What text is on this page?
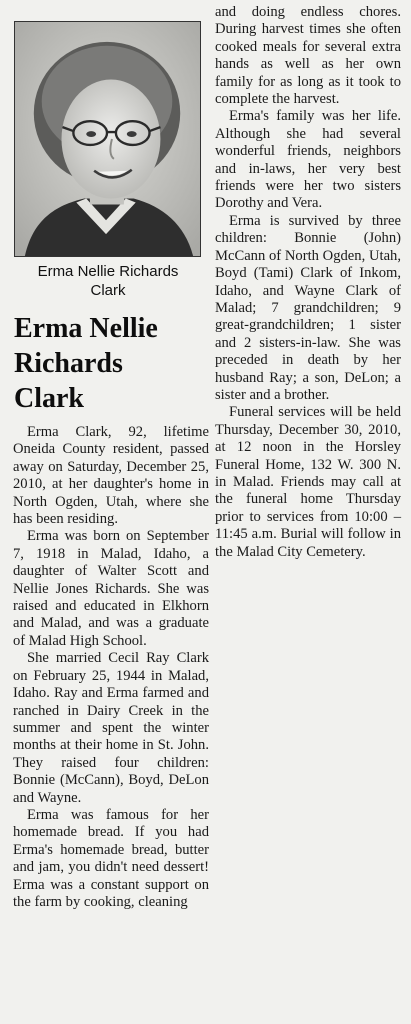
Erma Nellie Richards
Clark
Erma Nellie
Richards
Clark

Erma Clark, 92, lifetime Oneida County resident, passed away on Saturday, December 25, 2010, at her daughter's home in North Ogden, Utah, where she has been residing.

Erma was born on September 7, 1918 in Malad, Idaho, a daughter of Walter Scott and Nellie Jones Richards. She was raised and educated in Elkhorn and Malad, and was a graduate of Malad High School.

She married Cecil Ray Clark on February 25, 1944 in Malad, Idaho. Ray and Erma farmed and ranched in Dairy Creek in the summer and spent the winter months at their home in St. John. They raised four children: Bonnie (McCann), Boyd, DeLon and Wayne.

Erma was famous for her homemade bread. If you had Erma's homemade bread, butter and jam, you didn't need dessert! Erma was a constant support on the farm by cooking, cleaning

and doing endless chores. During harvest times she often cooked meals for several extra hands as well as her own family for as long as it took to complete the harvest.

Erma's family was her life. Although she had several wonderful friends, neighbors and in-laws, her very best friends were her two sisters Dorothy and Vera.

Erma is survived by three children: Bonnie (John) McCann of North Ogden, Utah, Boyd (Tami) Clark of Inkom, Idaho, and Wayne Clark of Malad; 7 grandchildren; 9 great-grandchildren; 1 sister and 2 sisters-in-law. She was preceded in death by her husband Ray; a son, DeLon; a sister and a brother.

Funeral services will be held Thursday, December 30, 2010, at 12 noon in the Horsley Funeral Home, 132 W. 300 N. in Malad. Friends may call at the funeral home Thursday prior to services from 10:00 – 11:45 a.m. Burial will follow in the Malad City Cemetery.
